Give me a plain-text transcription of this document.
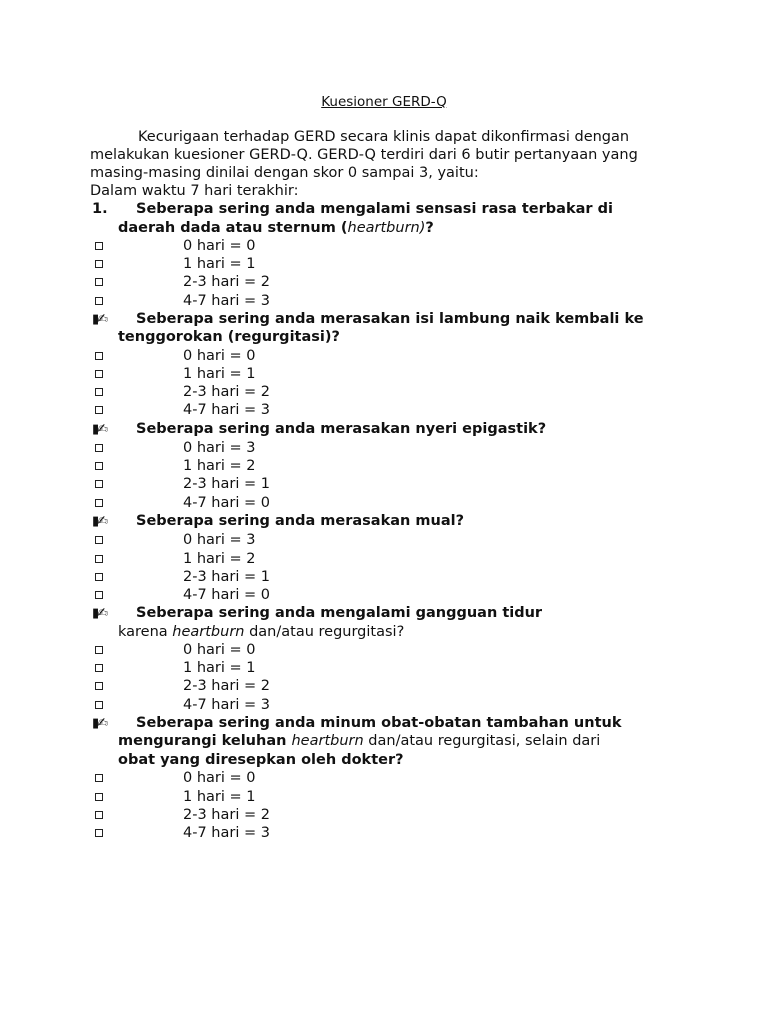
Kuesioner GERD-Q

Kecurigaan terhadap GERD secara klinis dapat dikonfirmasi dengan melakukan kuesioner GERD-Q. GERD-Q terdiri dari 6 butir pertanyaan yang masing-masing dinilai dengan skor 0 sampai 3, yaitu:

Dalam waktu 7 hari terakhir:

1.	Seberapa sering anda mengalami sensasi rasa terbakar di
daerah dada atau sternum (heartburn)?
0 hari = 0
1 hari = 1
2-3 hari = 2
4-7 hari = 3
▮✍	Seberapa sering anda merasakan isi lambung naik kembali ke
tenggorokan (regurgitasi)?
0 hari = 0
1 hari = 1
2-3 hari = 2
4-7 hari = 3
▮✍	Seberapa sering anda merasakan nyeri epigastik?
0 hari = 3
1 hari = 2
2-3 hari = 1
4-7 hari = 0
▮✍	Seberapa sering anda merasakan mual?
0 hari = 3
1 hari = 2
2-3 hari = 1
4-7 hari = 0
▮✍	Seberapa sering anda mengalami gangguan tidur
karena heartburn dan/atau regurgitasi?
0 hari = 0
1 hari = 1
2-3 hari = 2
4-7 hari = 3
▮✍	Seberapa sering anda minum obat-obatan tambahan untuk
mengurangi keluhan heartburn dan/atau regurgitasi, selain dari
obat yang diresepkan oleh dokter?
0 hari = 0
1 hari = 1
2-3 hari = 2
4-7 hari = 3
